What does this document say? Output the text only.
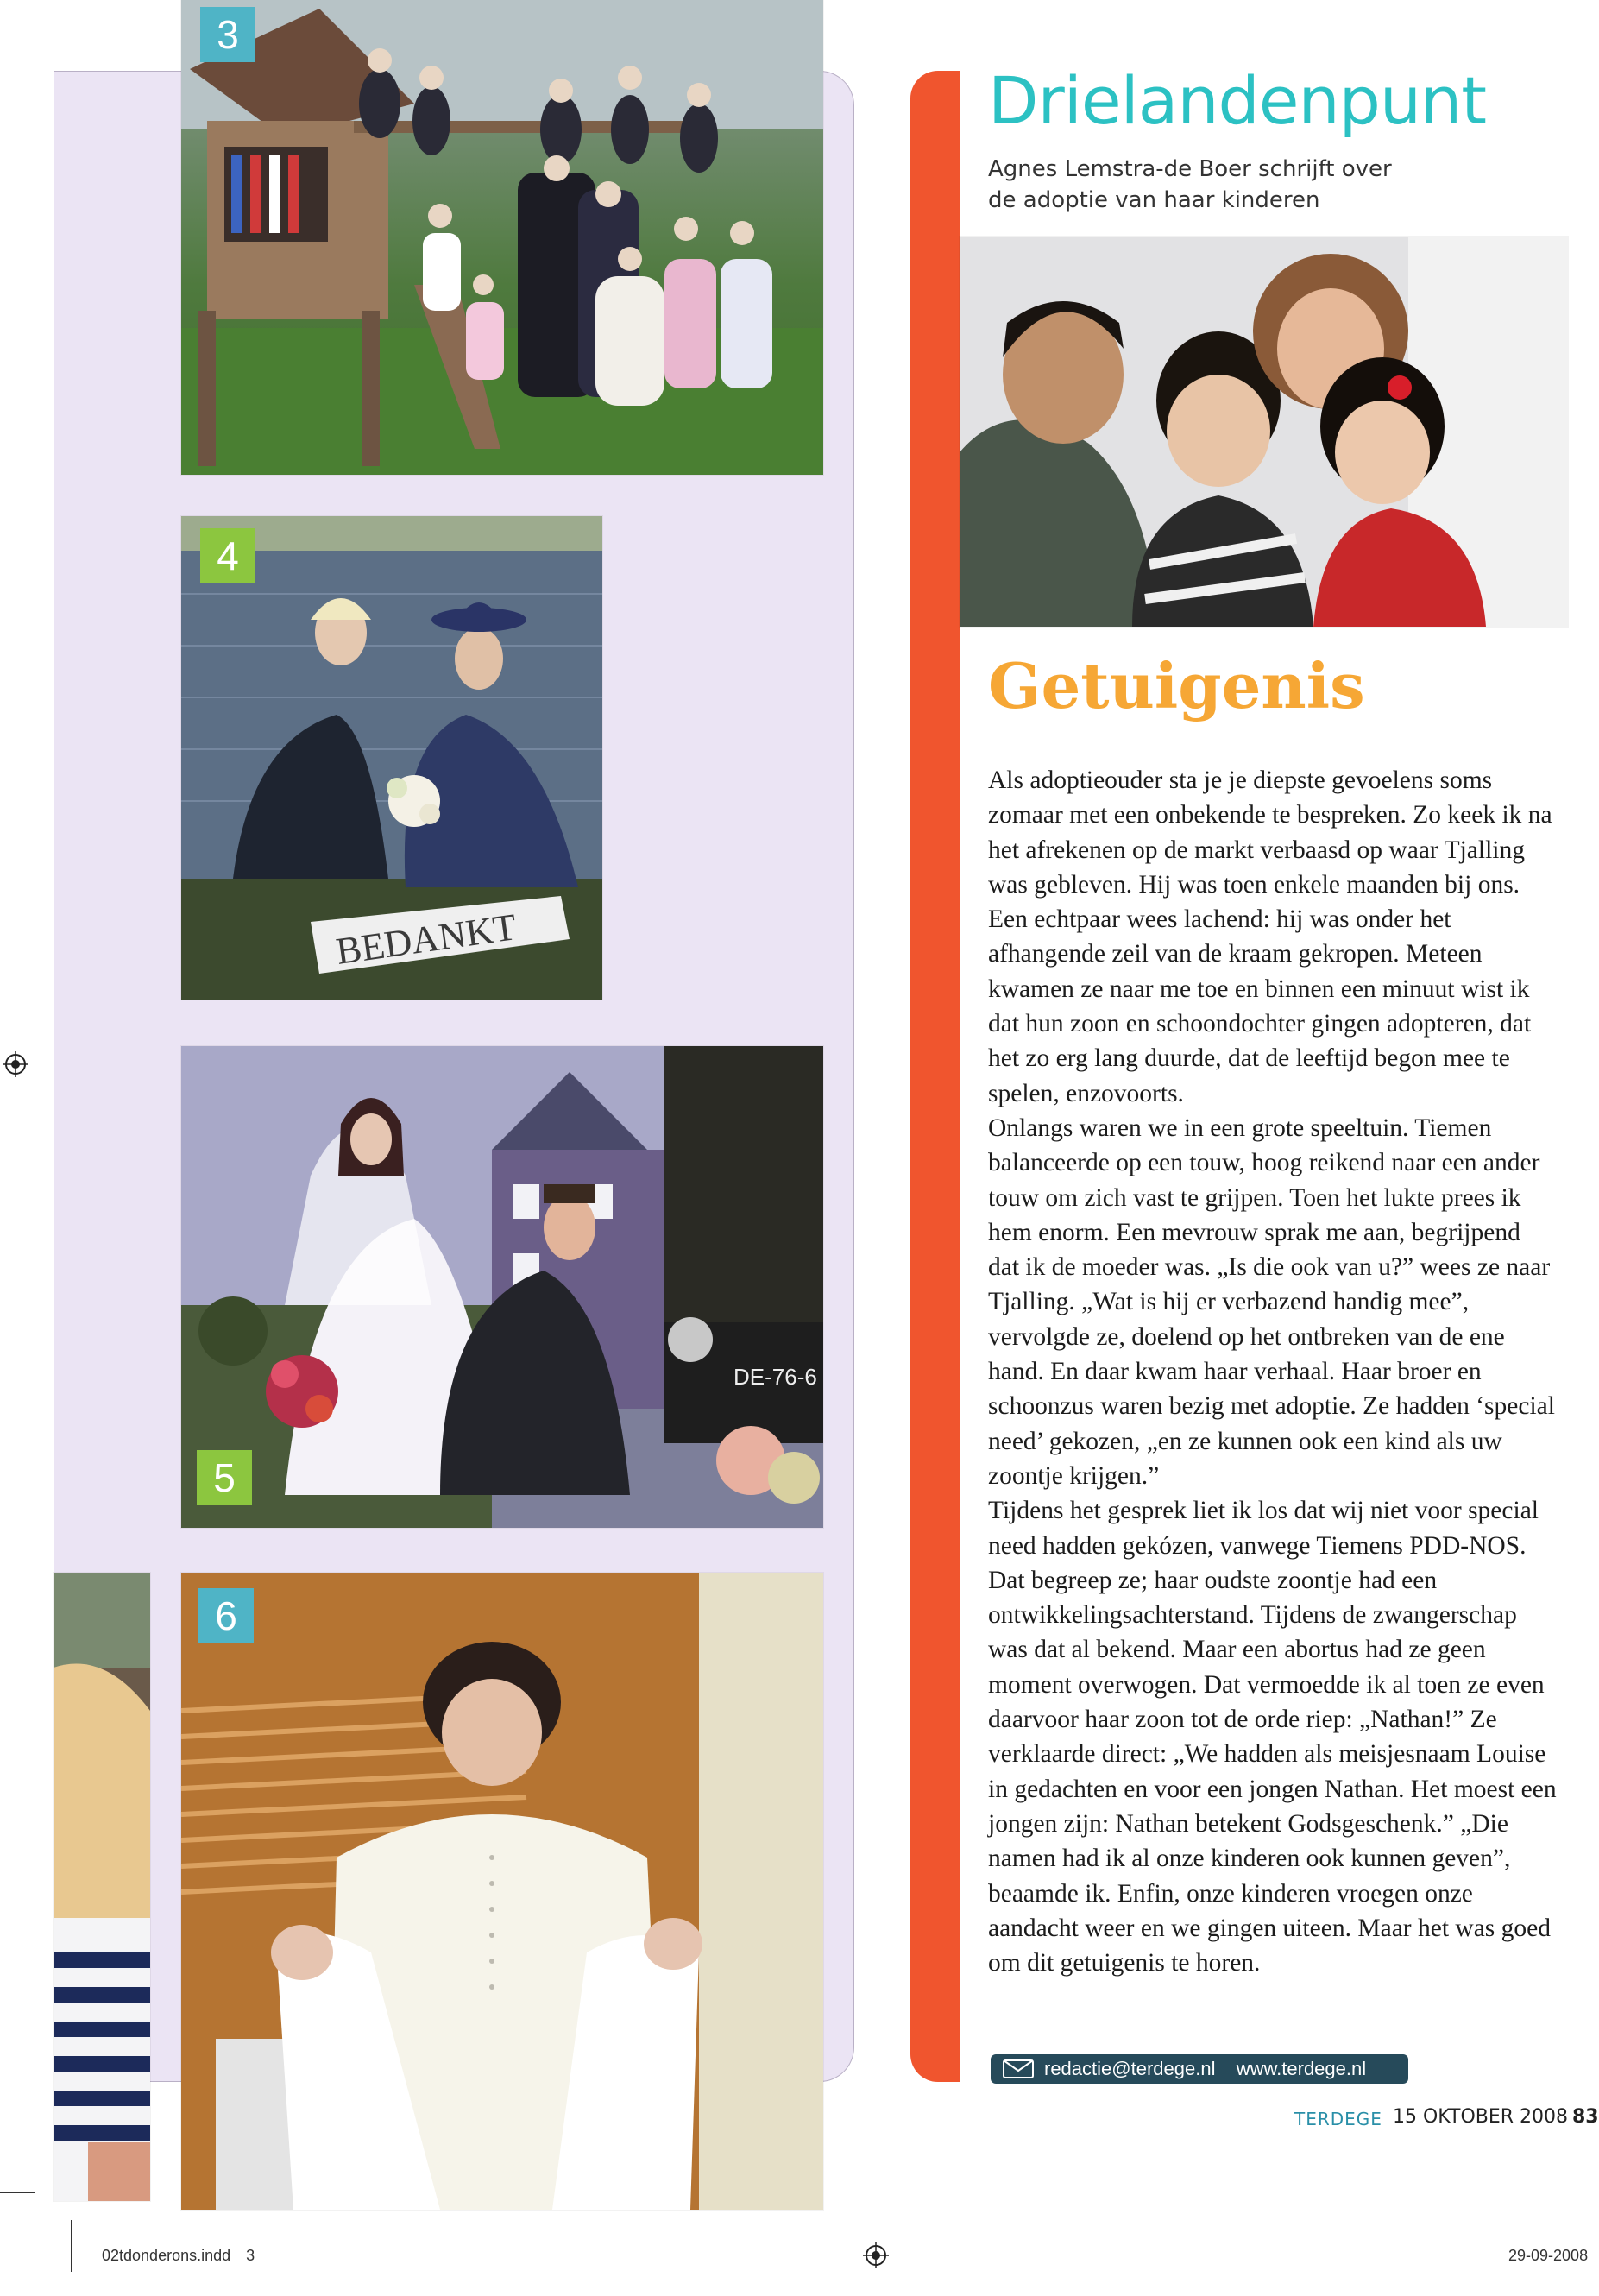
3
BEDANKT
4
DE-76-6
5
6
Drielandenpunt
Agnes Lemstra-de Boer schrijft over
de adoptie van haar kinderen
Getuigenis

Als adoptieouder sta je je diepste gevoelens soms zomaar met een onbekende te bespreken. Zo keek ik na het afrekenen op de markt verbaasd op waar Tjalling was gebleven. Hij was toen enkele maanden bij ons. Een echtpaar wees lachend: hij was onder het afhangende zeil van de kraam gekropen. Meteen kwamen ze naar me toe en binnen een minuut wist ik dat hun zoon en schoondochter gingen adopteren, dat het zo erg lang duurde, dat de leeftijd begon mee te spelen, enzovoorts.

Onlangs waren we in een grote speeltuin. Tiemen balanceerde op een touw, hoog reikend naar een ander touw om zich vast te grijpen. Toen het lukte prees ik hem enorm. Een mevrouw sprak me aan, begrijpend dat ik de moeder was. „Is die ook van u?” wees ze naar Tjalling. „Wat is hij er verbazend handig mee”, vervolgde ze, doelend op het ontbreken van de ene hand. En daar kwam haar verhaal. Haar broer en schoonzus waren bezig met adoptie. Ze hadden ‘special need’ gekozen, „en ze kunnen ook een kind als uw zoontje krijgen.”

Tijdens het gesprek liet ik los dat wij niet voor special need hadden gekózen, vanwege Tiemens PDD-NOS. Dat begreep ze; haar oudste zoontje had een ontwikkelingsachterstand. Tijdens de zwangerschap was dat al bekend. Maar een abortus had ze geen moment overwogen. Dat vermoedde ik al toen ze even daarvoor haar zoon tot de orde riep: „Nathan!” Ze verklaarde direct: „We hadden als meisjesnaam Louise in gedachten en voor een jongen Nathan. Het moest een jongen zijn: Nathan betekent Godsgeschenk.” „Die namen had ik al onze kinderen ook kunnen geven”, beaamde ik. Enfin, onze kinderen vroegen onze aandacht weer en we gingen uiteen. Maar het was goed om dit getuigenis te horen.

redactie@terdege.nl www.terdege.nl
TERDEGE 15 OKTOBER 2008 83
02tdonderons.indd 3	29-09-2008
